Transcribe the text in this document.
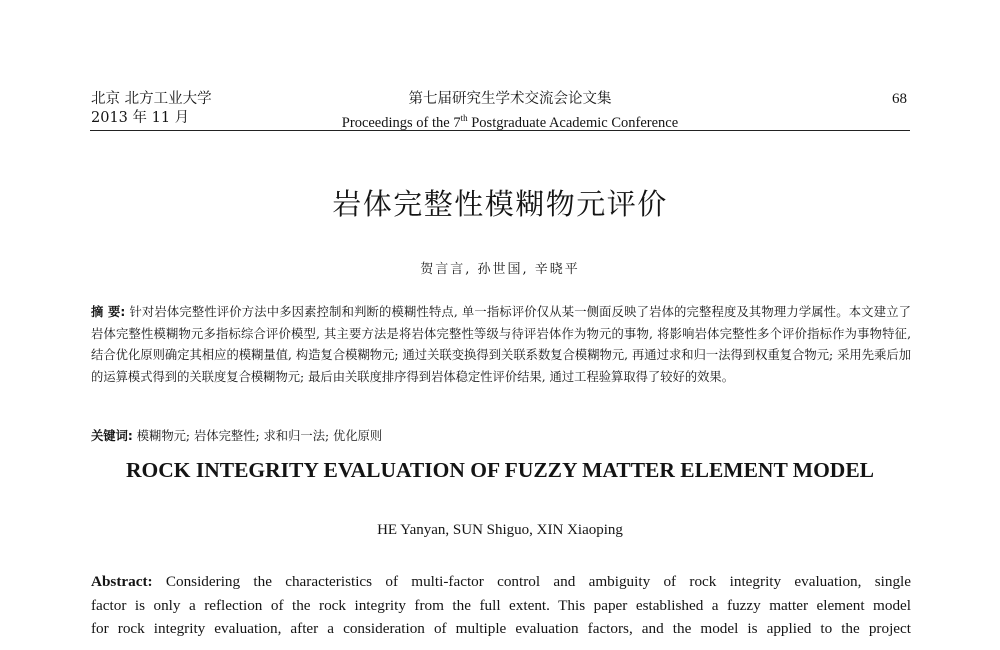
北京 北方工业大学
2013 年 11 月
第七届研究生学术交流会论文集
Proceedings of the 7th Postgraduate Academic Conference
68
岩体完整性模糊物元评价
贺言言, 孙世国, 辛晓平
摘 要: 针对岩体完整性评价方法中多因素控制和判断的模糊性特点, 单一指标评价仅从某一侧面反映了岩体的完整程度及其物理力学属性。本文建立了岩体完整性模糊物元多指标综合评价模型, 其主要方法是将岩体完整性等级与待评岩体作为物元的事物, 将影响岩体完整性多个评价指标作为事物特征, 结合优化原则确定其相应的模糊量值, 构造复合模糊物元; 通过关联变换得到关联系数复合模糊物元, 再通过求和归一法得到权重复合物元; 采用先乘后加的运算模式得到的关联度复合模糊物元; 最后由关联度排序得到岩体稳定性评价结果, 通过工程验算取得了较好的效果。
关键词: 模糊物元; 岩体完整性; 求和归一法; 优化原则
ROCK INTEGRITY EVALUATION OF FUZZY MATTER ELEMENT MODEL
HE Yanyan, SUN Shiguo, XIN Xiaoping
Abstract: Considering the characteristics of multi-factor control and ambiguity of rock integrity evaluation, single
factor is only a reflection of the rock integrity from the full extent. This paper established a fuzzy matter element model
for rock integrity evaluation, after a consideration of multiple evaluation factors, and the model is applied to the project
